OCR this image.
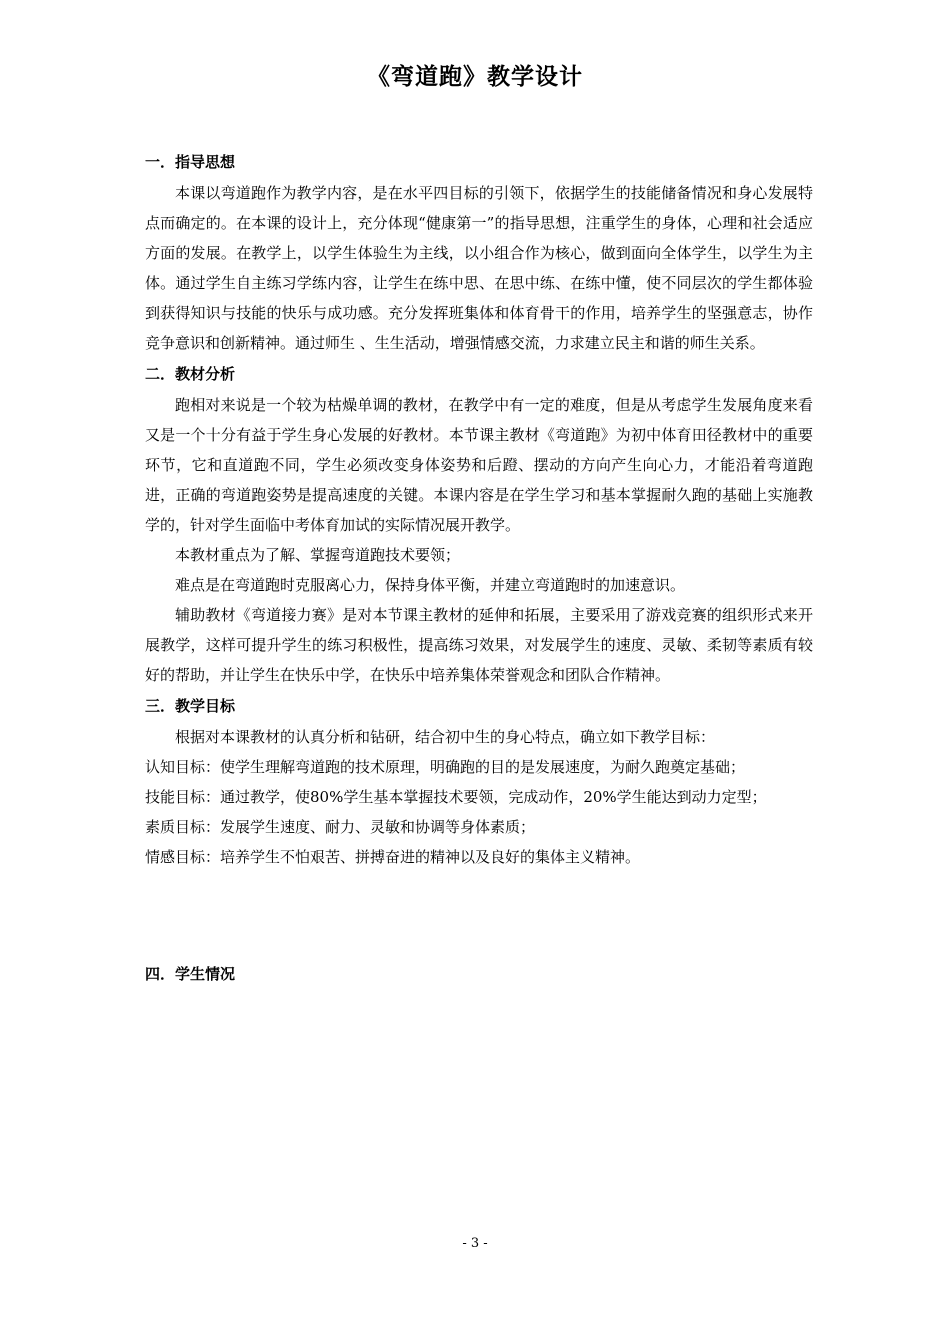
《弯道跑》教学设计
一．指导思想

本课以弯道跑作为教学内容，是在水平四目标的引领下，依据学生的技能储备情况和身心发展特点而确定的。在本课的设计上，充分体现“健康第一”的指导思想，注重学生的身体，心理和社会适应方面的发展。在教学上，以学生体验生为主线，以小组合作为核心，做到面向全体学生，以学生为主体。通过学生自主练习学练内容，让学生在练中思、在思中练、在练中懂，使不同层次的学生都体验到获得知识与技能的快乐与成功感。充分发挥班集体和体育骨干的作用，培养学生的坚强意志，协作竞争意识和创新精神。通过师生 、生生活动，增强情感交流，力求建立民主和谐的师生关系。

二．教材分析

跑相对来说是一个较为枯燥单调的教材，在教学中有一定的难度，但是从考虑学生发展角度来看又是一个十分有益于学生身心发展的好教材。本节课主教材《弯道跑》为初中体育田径教材中的重要环节，它和直道跑不同，学生必须改变身体姿势和后蹬、摆动的方向产生向心力，才能沿着弯道跑进，正确的弯道跑姿势是提高速度的关键。本课内容是在学生学习和基本掌握耐久跑的基础上实施教学的，针对学生面临中考体育加试的实际情况展开教学。

本教材重点为了解、掌握弯道跑技术要领；

难点是在弯道跑时克服离心力，保持身体平衡，并建立弯道跑时的加速意识。

辅助教材《弯道接力赛》是对本节课主教材的延伸和拓展，主要采用了游戏竞赛的组织形式来开展教学，这样可提升学生的练习积极性，提高练习效果，对发展学生的速度、灵敏、柔韧等素质有较好的帮助，并让学生在快乐中学，在快乐中培养集体荣誉观念和团队合作精神。

三．教学目标

根据对本课教材的认真分析和钻研，结合初中生的身心特点，确立如下教学目标：

认知目标：使学生理解弯道跑的技术原理，明确跑的目的是发展速度，为耐久跑奠定基础；

技能目标：通过教学，使80%学生基本掌握技术要领，完成动作，20%学生能达到动力定型；

素质目标：发展学生速度、耐力、灵敏和协调等身体素质；

情感目标：培养学生不怕艰苦、拼搏奋进的精神以及良好的集体主义精神。

四．学生情况
- 3 -
